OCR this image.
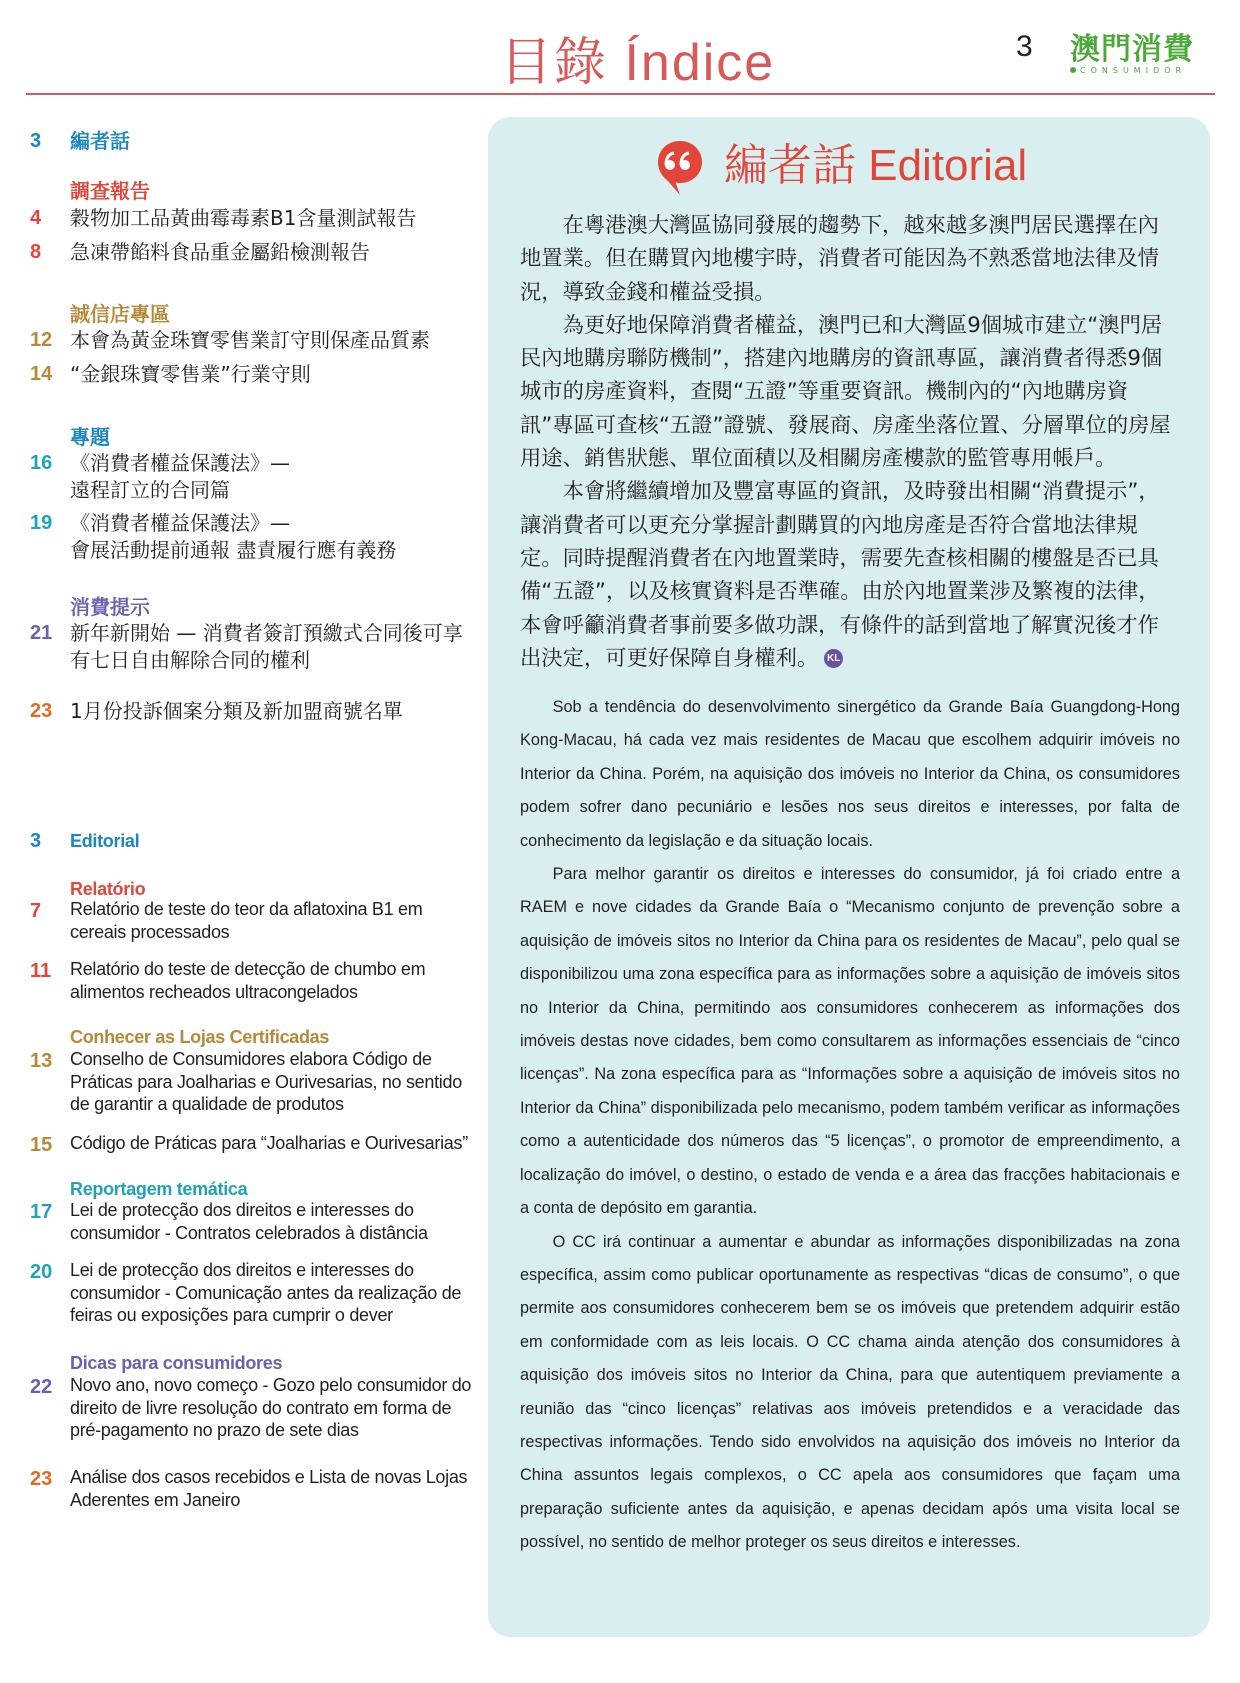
目錄 Índice	3 澳門消費
CONSUMIDOR
3	編者話
調查報告
4	穀物加工品黃曲霉毒素B1含量測試報告
8	急凍帶餡料食品重金屬鉛檢測報告
誠信店專區
12 本會為黃金珠寶零售業訂守則保產品質素
14 “金銀珠寶零售業”行業守則
專題
16 《消費者權益保護法》—
遠程訂立的合同篇
19 《消費者權益保護法》—
會展活動提前通報 盡責履行應有義務
消費提示
21 新年新開始 — 消費者簽訂預繳式合同後可享
有七日自由解除合同的權利
23 1月份投訴個案分類及新加盟商號名單
3	Editorial
Relatório
7	Relatório de teste do teor da aflatoxina B1 em
cereais processados
11	Relatório do teste de detecção de chumbo em
alimentos recheados ultracongelados
Conhecer as Lojas Certificadas
13 Conselho de Consumidores elabora Código de
Práticas para Joalharias e Ourivesarias, no sentido
de garantir a qualidade de produtos
15 Código de Práticas para “Joalharias e Ourivesarias”
Reportagem temática
17 Lei de protecção dos direitos e interesses do
consumidor - Contratos celebrados à distância
20 Lei de protecção dos direitos e interesses do
consumidor - Comunicação antes da realização de
feiras ou exposições para cumprir o dever
Dicas para consumidores
22 Novo ano, novo começo - Gozo pelo consumidor do
direito de livre resolução do contrato em forma de
pré-pagamento no prazo de sete dias
23 Análise dos casos recebidos e Lista de novas Lojas
Aderentes em Janeiro
編者話 Editorial

在粵港澳大灣區協同發展的趨勢下，越來越多澳門居民選擇在內地置業。但在購買內地樓宇時，消費者可能因為不熟悉當地法律及情況，導致金錢和權益受損。

為更好地保障消費者權益，澳門已和大灣區9個城市建立“澳門居民內地購房聯防機制”，搭建內地購房的資訊專區，讓消費者得悉9個城市的房產資料，查閱“五證”等重要資訊。機制內的“內地購房資訊”專區可查核“五證”證號、發展商、房產坐落位置、分層單位的房屋用途、銷售狀態、單位面積以及相關房產樓款的監管專用帳戶。

本會將繼續增加及豐富專區的資訊，及時發出相關“消費提示”，讓消費者可以更充分掌握計劃購買的內地房產是否符合當地法律規定。同時提醒消費者在內地置業時，需要先查核相關的樓盤是否已具備“五證”，以及核實資料是否準確。由於內地置業涉及繁複的法律，本會呼籲消費者事前要多做功課，有條件的話到當地了解實況後才作出決定，可更好保障自身權利。 KL

Sob a tendência do desenvolvimento sinergético da Grande Baía Guangdong-Hong Kong-Macau, há cada vez mais residentes de Macau que escolhem adquirir imóveis no Interior da China. Porém, na aquisição dos imóveis no Interior da China, os consumidores podem sofrer dano pecuniário e lesões nos seus direitos e interesses, por falta de conhecimento da legislação e da situação locais.

Para melhor garantir os direitos e interesses do consumidor, já foi criado entre a RAEM e nove cidades da Grande Baía o “Mecanismo conjunto de prevenção sobre a aquisição de imóveis sitos no Interior da China para os residentes de Macau”, pelo qual se disponibilizou uma zona específica para as informações sobre a aquisição de imóveis sitos no Interior da China, permitindo aos consumidores conhecerem as informações dos imóveis destas nove cidades, bem como consultarem as informações essenciais de “cinco licenças”. Na zona específica para as “Informações sobre a aquisição de imóveis sitos no Interior da China” disponibilizada pelo mecanismo, podem também verificar as informações como a autenticidade dos números das “5 licenças”, o promotor de empreendimento, a localização do imóvel, o destino, o estado de venda e a área das fracções habitacionais e a conta de depósito em garantia.

O CC irá continuar a aumentar e abundar as informações disponibilizadas na zona específica, assim como publicar oportunamente as respectivas “dicas de consumo”, o que permite aos consumidores conhecerem bem se os imóveis que pretendem adquirir estão em conformidade com as leis locais. O CC chama ainda atenção dos consumidores à aquisição dos imóveis sitos no Interior da China, para que autentiquem previamente a reunião das “cinco licenças” relativas aos imóveis pretendidos e a veracidade das respectivas informações. Tendo sido envolvidos na aquisição dos imóveis no Interior da China assuntos legais complexos, o CC apela aos consumidores que façam uma preparação suficiente antes da aquisição, e apenas decidam após uma visita local se possível, no sentido de melhor proteger os seus direitos e interesses.
